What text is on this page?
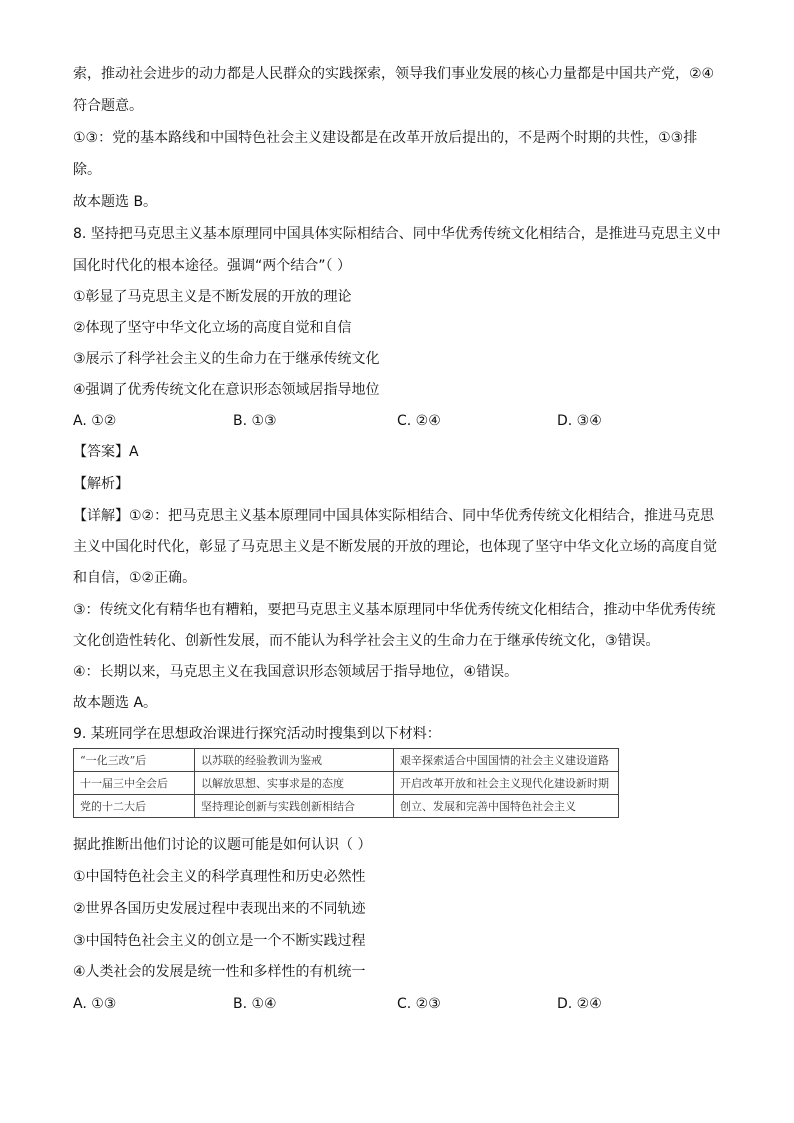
索，推动社会进步的动力都是人民群众的实践探索，领导我们事业发展的核心力量都是中国共产党，②④
符合题意。
①③：党的基本路线和中国特色社会主义建设都是在改革开放后提出的，不是两个时期的共性，①③排
除。
故本题选 B。
8. 坚持把马克思主义基本原理同中国具体实际相结合、同中华优秀传统文化相结合，是推进马克思主义中
国化时代化的根本途径。强调“两个结合”（ ）
①彰显了马克思主义是不断发展的开放的理论
②体现了坚守中华文化立场的高度自觉和自信
③展示了科学社会主义的生命力在于继承传统文化
④强调了优秀传统文化在意识形态领域居指导地位
A. ①②	B. ①③	C. ②④	D. ③④
【答案】A
【解析】
【详解】①②：把马克思主义基本原理同中国具体实际相结合、同中华优秀传统文化相结合，推进马克思
主义中国化时代化，彰显了马克思主义是不断发展的开放的理论，也体现了坚守中华文化立场的高度自觉
和自信，①②正确。
③：传统文化有精华也有糟粕，要把马克思主义基本原理同中华优秀传统文化相结合，推动中华优秀传统
文化创造性转化、创新性发展，而不能认为科学社会主义的生命力在于继承传统文化，③错误。
④：长期以来，马克思主义在我国意识形态领域居于指导地位，④错误。
故本题选 A。
9. 某班同学在思想政治课进行探究活动时搜集到以下材料：
“一化三改”后	以苏联的经验教训为鉴戒	艰辛探索适合中国国情的社会主义建设道路
十一届三中全会后	以解放思想、实事求是的态度	开启改革开放和社会主义现代化建设新时期
党的十二大后	坚持理论创新与实践创新相结合	创立、发展和完善中国特色社会主义
据此推断出他们讨论的议题可能是如何认识（ ）
①中国特色社会主义的科学真理性和历史必然性
②世界各国历史发展过程中表现出来的不同轨迹
③中国特色社会主义的创立是一个不断实践过程
④人类社会的发展是统一性和多样性的有机统一
A. ①③	B. ①④	C. ②③	D. ②④
